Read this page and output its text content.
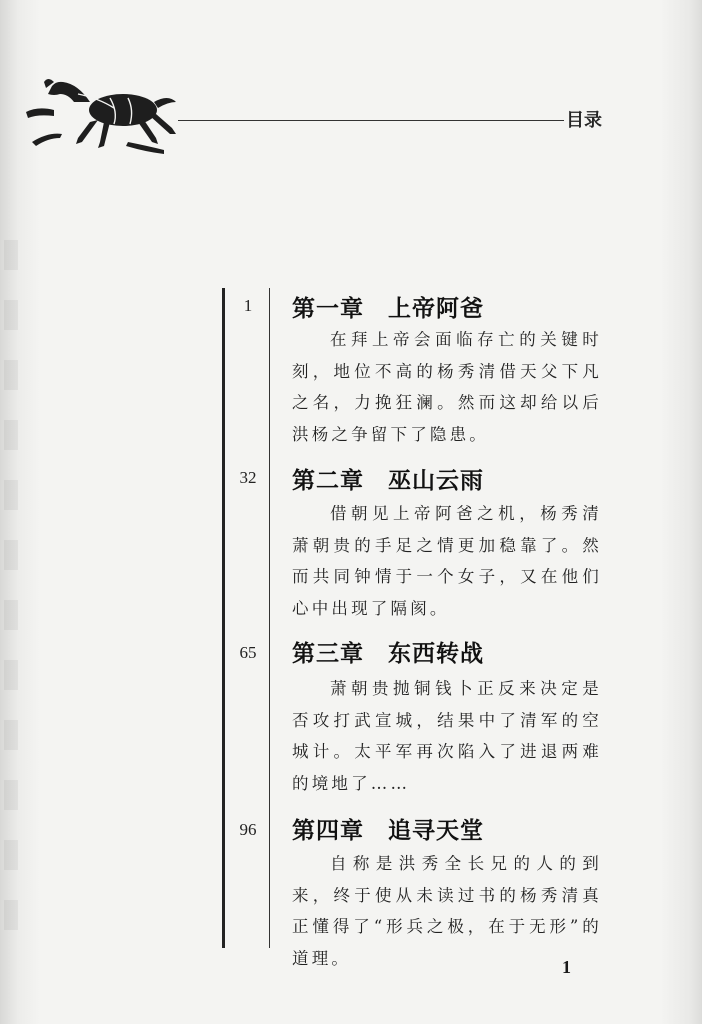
目录
1	第一章　上帝阿爸
在拜上帝会面临存亡的关键时刻，地位不高的杨秀清借天父下凡之名，力挽狂澜。然而这却给以后洪杨之争留下了隐患。
32	第二章　巫山云雨
借朝见上帝阿爸之机，杨秀清萧朝贵的手足之情更加稳靠了。然而共同钟情于一个女子，又在他们心中出现了隔阂。
65	第三章　东西转战
萧朝贵抛铜钱卜正反来决定是否攻打武宣城，结果中了清军的空城计。太平军再次陷入了进退两难的境地了……
96	第四章　追寻天堂
自称是洪秀全长兄的人的到来，终于使从未读过书的杨秀清真正懂得了“形兵之极，在于无形”的道理。	1
